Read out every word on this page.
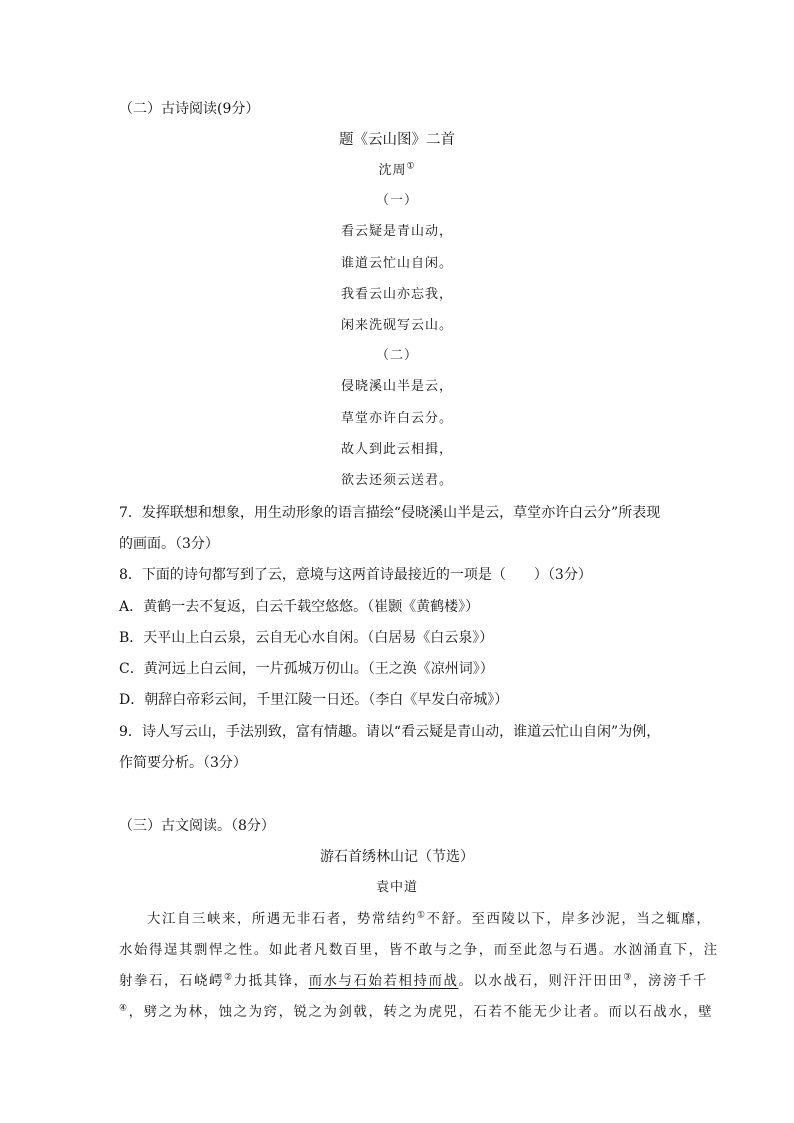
（二）古诗阅读(9分）
题《云山图》二首
沈周①
（一）
看云疑是青山动，
谁道云忙山自闲。
我看云山亦忘我，
闲来洗砚写云山。
（二）
侵晓溪山半是云，
草堂亦许白云分。
故人到此云相揖，
欲去还须云送君。
7．发挥联想和想象，用生动形象的语言描绘“侵晓溪山半是云，草堂亦许白云分”所表现
的画面。（3分）
8．下面的诗句都写到了云，意境与这两首诗最接近的一项是（　　）（3分）
A．黄鹤一去不复返，白云千载空悠悠。（崔颢《黄鹤楼》）
B．天平山上白云泉，云自无心水自闲。（白居易《白云泉》）
C．黄河远上白云间，一片孤城万仞山。（王之涣《凉州词》）
D．朝辞白帝彩云间，千里江陵一日还。（李白《早发白帝城》）
9．诗人写云山，手法别致，富有情趣。请以“看云疑是青山动，谁道云忙山自闲”为例，
作简要分析。（3分）
（三）古文阅读。（8分）
游石首绣林山记（节选）
袁中道
大江自三峡来，所遇无非石者，势常结约①不舒。至西陵以下，岸多沙泥，当之辄靡，
水始得逞其剽悍之性。如此者凡数百里，皆不敢与之争，而至此忽与石遇。水汹涌直下，注
射拳石，石峣崿②力抵其锋，而水与石始若相持而战。以水战石，则汗汗田田③，滂滂千千
④，劈之为林，蚀之为窍，锐之为剑戟，转之为虎兕，石若不能无少让者。而以石战水，壁
